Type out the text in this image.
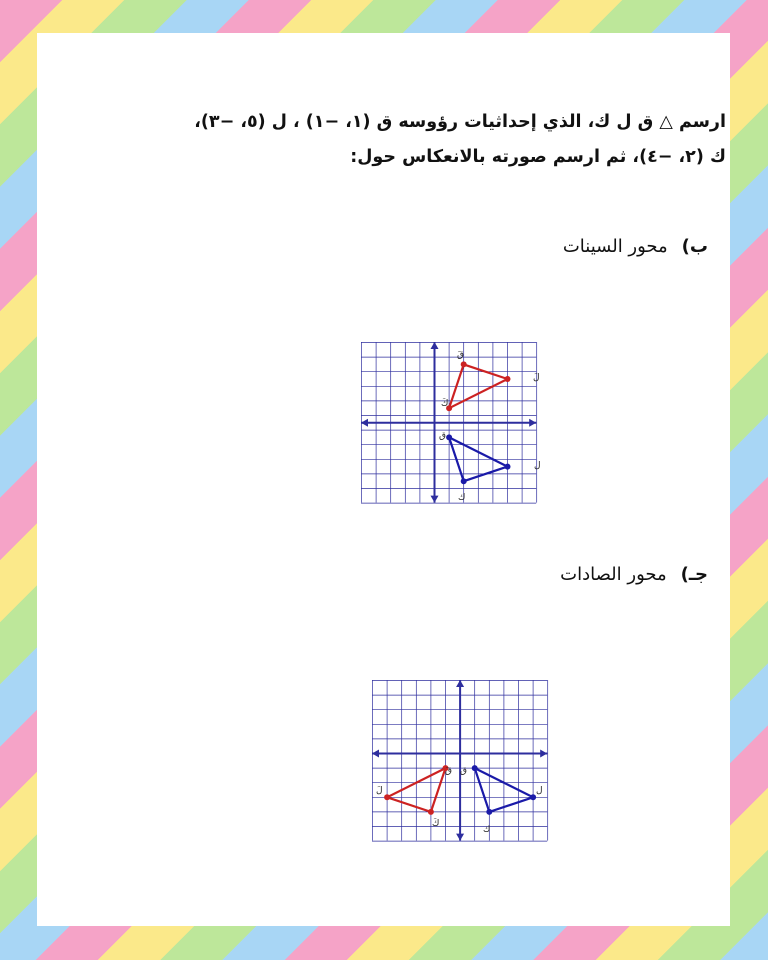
ارسم △ ق ل ك، الذي إحداثيات رؤوسه ق (١، −١) ، ل (٥، −٣)،
ك (٢، −٤)، ثم ارسم صورته بالانعكاس حول:
ب)محور السينات
قَ
لَ
كَ
ق
ل
ك
جـ)محور الصادات
قَ ق
لَ	ل
كَ
ك
